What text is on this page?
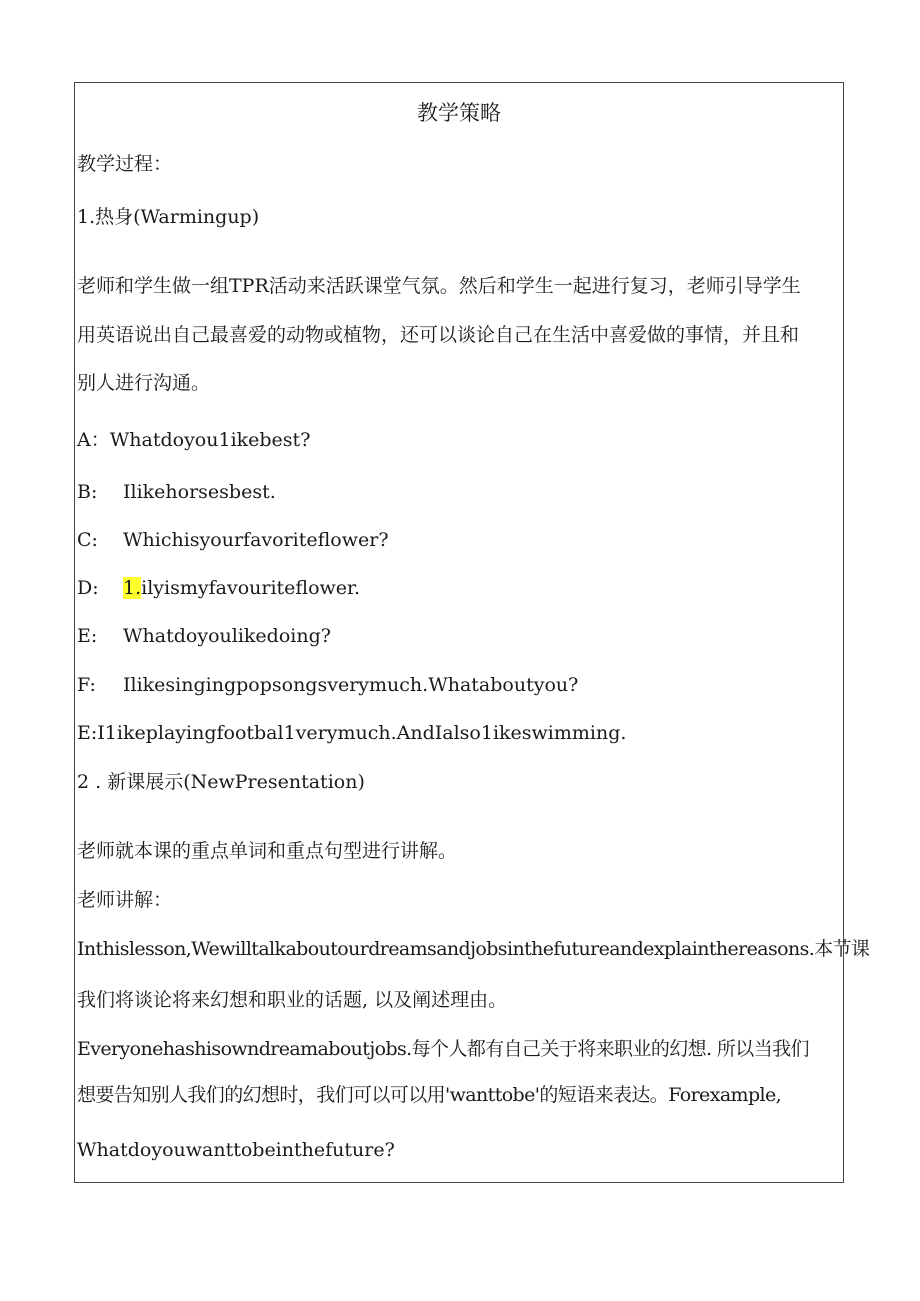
教学策略
教学过程：
1.热身(Warmingup)
老师和学生做一组TPR活动来活跃课堂气氛。然后和学生一起进行复习，老师引导学生
用英语说出自己最喜爱的动物或植物，还可以谈论自己在生活中喜爱做的事情，并且和
别人进行沟通。
A：Whatdoyou1ikebest?
B: Ilikehorsesbest.
C: Whichisyourfavoriteflower?
D: 1.ilyismyfavouriteflower.
E: Whatdoyoulikedoing?
F: Ilikesingingpopsongsverymuch.Whataboutyou?
E:I1ikeplayingfootbal1verymuch.AndIalso1ikeswimming.
2 . 新课展示(NewPresentation)
老师就本课的重点单词和重点句型进行讲解。
老师讲解：
Inthislesson,Wewilltalkaboutourdreamsandjobsinthefutureandexplainthereasons.本节课
我们将谈论将来幻想和职业的话题, 以及阐述理由。
Everyonehashisowndreamaboutjobs.每个人都有自己关于将来职业的幻想. 所以当我们
想要告知别人我们的幻想时，我们可以可以用'wanttobe'的短语来表达。Forexample,
Whatdoyouwanttobeinthefuture?
